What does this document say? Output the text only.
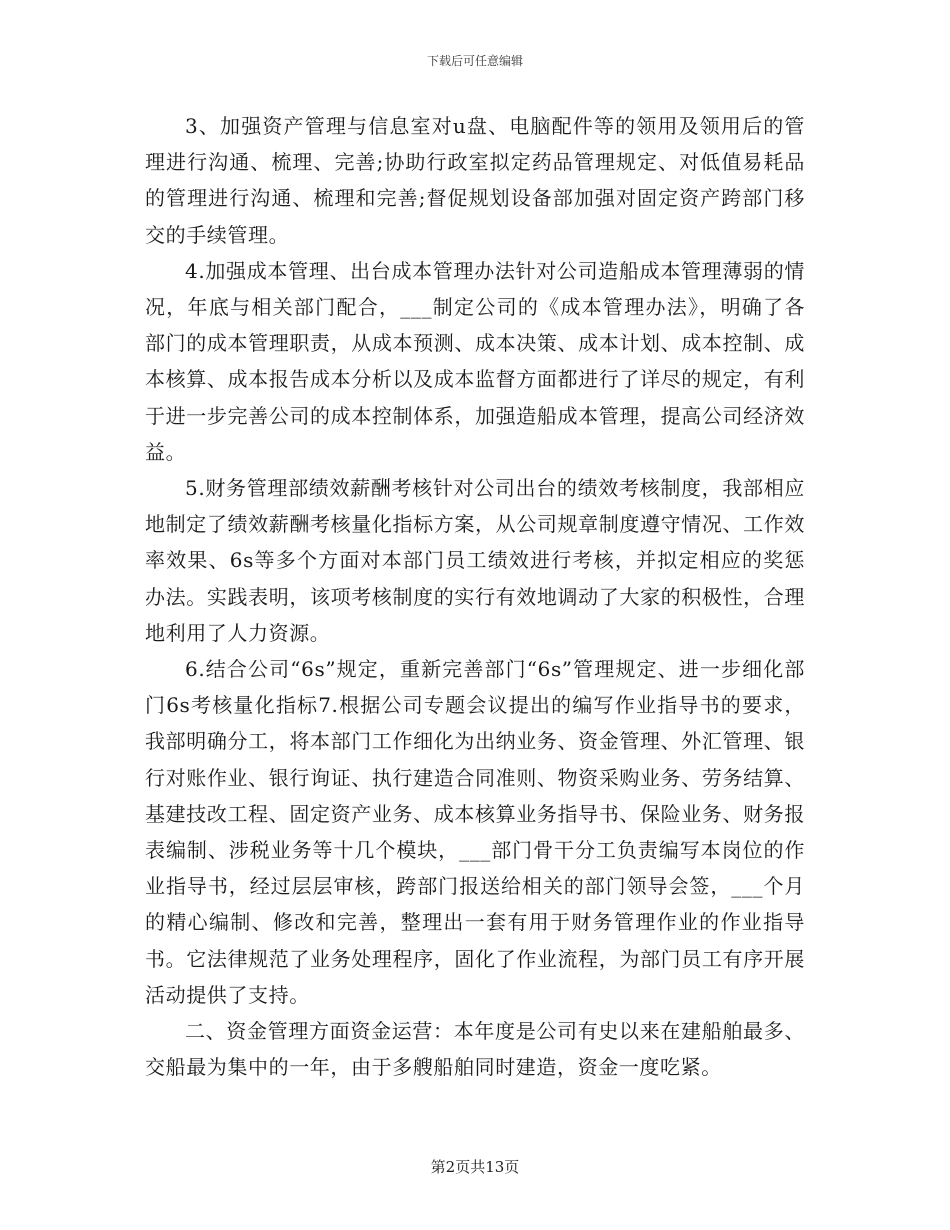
下载后可任意编辑

3、加强资产管理与信息室对u盘、电脑配件等的领用及领用后的管理进行沟通、梳理、完善;协助行政室拟定药品管理规定、对低值易耗品的管理进行沟通、梳理和完善;督促规划设备部加强对固定资产跨部门移交的手续管理。

4.加强成本管理、出台成本管理办法针对公司造船成本管理薄弱的情况，年底与相关部门配合，___制定公司的《成本管理办法》，明确了各部门的成本管理职责，从成本预测、成本决策、成本计划、成本控制、成本核算、成本报告成本分析以及成本监督方面都进行了详尽的规定，有利于进一步完善公司的成本控制体系，加强造船成本管理，提高公司经济效益。

5.财务管理部绩效薪酬考核针对公司出台的绩效考核制度，我部相应地制定了绩效薪酬考核量化指标方案，从公司规章制度遵守情况、工作效率效果、6s等多个方面对本部门员工绩效进行考核，并拟定相应的奖惩办法。实践表明，该项考核制度的实行有效地调动了大家的积极性，合理地利用了人力资源。

6.结合公司“6s”规定，重新完善部门“6s”管理规定、进一步细化部门6s考核量化指标7.根据公司专题会议提出的编写作业指导书的要求，我部明确分工，将本部门工作细化为出纳业务、资金管理、外汇管理、银行对账作业、银行询证、执行建造合同准则、物资采购业务、劳务结算、基建技改工程、固定资产业务、成本核算业务指导书、保险业务、财务报表编制、涉税业务等十几个模块，___部门骨干分工负责编写本岗位的作业指导书，经过层层审核，跨部门报送给相关的部门领导会签，___个月的精心编制、修改和完善，整理出一套有用于财务管理作业的作业指导书。它法律规范了业务处理程序，固化了作业流程，为部门员工有序开展活动提供了支持。

二、资金管理方面资金运营：本年度是公司有史以来在建船舶最多、交船最为集中的一年，由于多艘船舶同时建造，资金一度吃紧。

第2页共13页
